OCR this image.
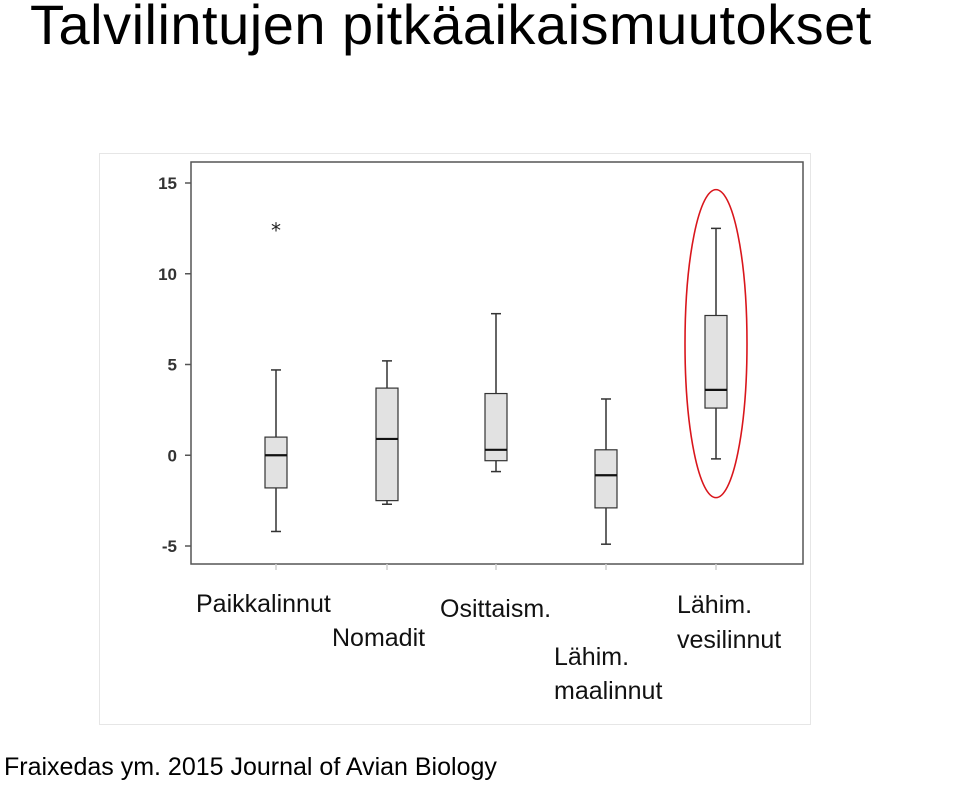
Talvilintujen pitkäaikaismuutokset
15
10
5
0
-5
*
Paikkalinnut
Nomadit
Osittaism.
Lähim.
maalinnut
Lähim.
vesilinnut
Fraixedas ym. 2015 Journal of Avian Biology
